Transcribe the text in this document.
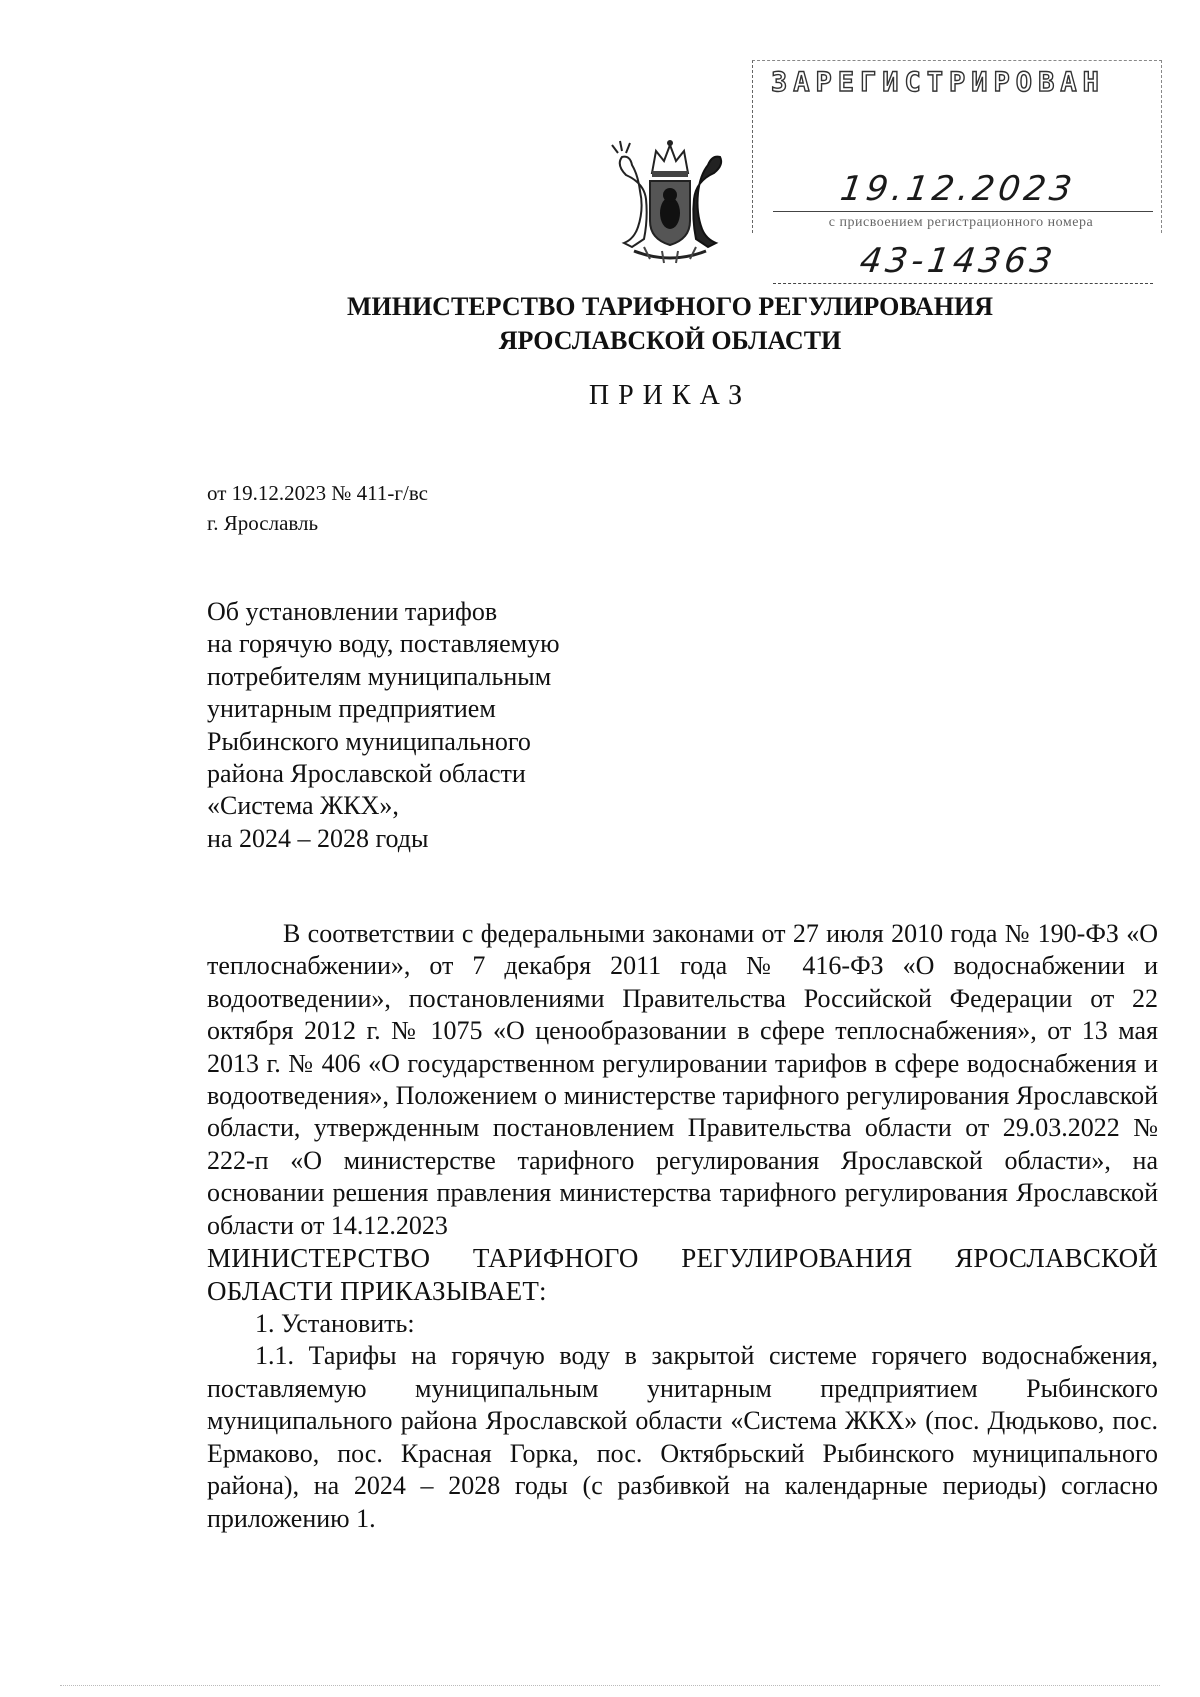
ЗАРЕГИСТРИРОВАН
19.12.2023
с присвоением регистрационного номера
43-14363
МИНИСТЕРСТВО ТАРИФНОГО РЕГУЛИРОВАНИЯ
ЯРОСЛАВСКОЙ ОБЛАСТИ
ПРИКАЗ
от 19.12.2023 № 411-г/вс
г. Ярославль
Об установлении тарифов
на горячую воду, поставляемую
потребителям муниципальным
унитарным предприятием
Рыбинского муниципального
района Ярославской области
«Система ЖКХ»,
на 2024 – 2028 годы

В соответствии с федеральными законами от 27 июля 2010 года № 190-ФЗ «О теплоснабжении», от 7 декабря 2011 года № 416-ФЗ «О водоснабжении и водоотведении», постановлениями Правительства Российской Федерации от 22 октября 2012 г. № 1075 «О ценообразовании в сфере теплоснабжения», от 13 мая 2013 г. № 406 «О государственном регулировании тарифов в сфере водоснабжения и водоотведения», Положением о министерстве тарифного регулирования Ярославской области, утвержденным постановлением Правительства области от 29.03.2022 № 222-п «О министерстве тарифного регулирования Ярославской области», на основании решения правления министерства тарифного регулирования Ярославской области от 14.12.2023

МИНИСТЕРСТВО ТАРИФНОГО РЕГУЛИРОВАНИЯ ЯРОСЛАВСКОЙ ОБЛАСТИ ПРИКАЗЫВАЕТ:

1. Установить:

1.1. Тарифы на горячую воду в закрытой системе горячего водоснабжения, поставляемую муниципальным унитарным предприятием Рыбинского муниципального района Ярославской области «Система ЖКХ» (пос. Дюдьково, пос. Ермаково, пос. Красная Горка, пос. Октябрьский Рыбинского муниципального района), на 2024 – 2028 годы (с разбивкой на календарные периоды) согласно приложению 1.
